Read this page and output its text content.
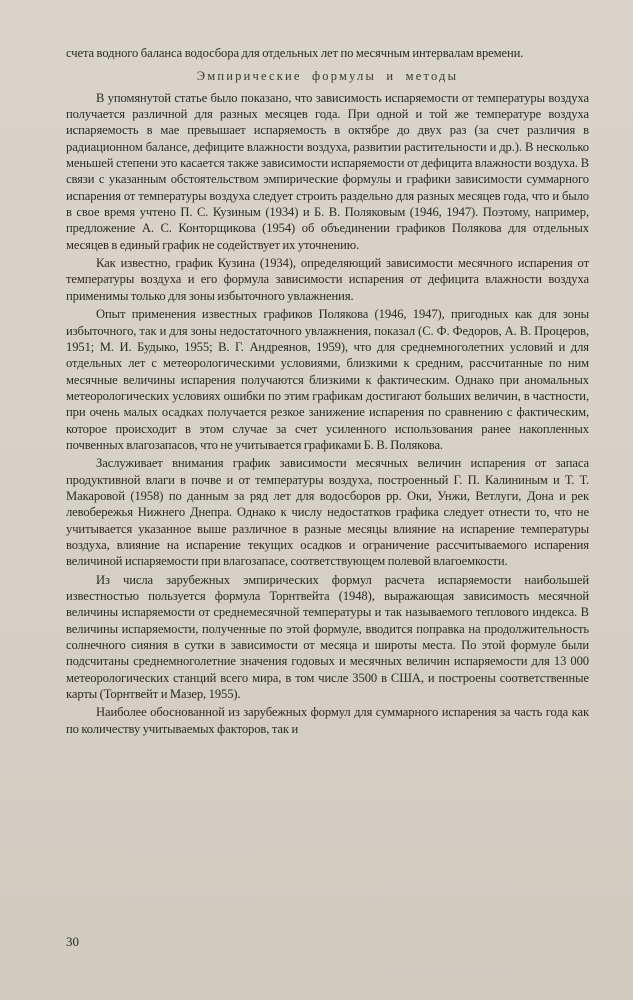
счета водного баланса водосбора для отдельных лет по месячным интервалам времени.

Эмпирические формулы и методы

В упомянутой статье было показано, что зависимость испаряемости от температуры воздуха получается различной для разных месяцев года. При одной и той же температуре воздуха испаряемость в мае превышает испаряемость в октябре до двух раз (за счет различия в радиационном балансе, дефиците влажности воздуха, развитии растительности и др.). В несколько меньшей степени это касается также зависимости испаряемости от дефицита влажности воздуха. В связи с указанным обстоятельством эмпирические формулы и графики зависимости суммарного испарения от температуры воздуха следует строить раздельно для разных месяцев года, что и было в свое время учтено П. С. Кузиным (1934) и Б. В. Поляковым (1946, 1947). Поэтому, например, предложение А. С. Конторщикова (1954) об объединении графиков Полякова для отдельных месяцев в единый график не содействует их уточнению.

Как известно, график Кузина (1934), определяющий зависимости месячного испарения от температуры воздуха и его формула зависимости испарения от дефицита влажности воздуха применимы только для зоны избыточного увлажнения.

Опыт применения известных графиков Полякова (1946, 1947), пригодных как для зоны избыточного, так и для зоны недостаточного увлажнения, показал (С. Ф. Федоров, А. В. Процеров, 1951; М. И. Будыко, 1955; В. Г. Андреянов, 1959), что для среднемноголетних условий и для отдельных лет с метеорологическими условиями, близкими к средним, рассчитанные по ним месячные величины испарения получаются близкими к фактическим. Однако при аномальных метеорологических условиях ошибки по этим графикам достигают больших величин, в частности, при очень малых осадках получается резкое занижение испарения по сравнению с фактическим, которое происходит в этом случае за счет усиленного использования ранее накопленных почвенных влагозапасов, что не учитывается графиками Б. В. Полякова.

Заслуживает внимания график зависимости месячных величин испарения от запаса продуктивной влаги в почве и от температуры воздуха, построенный Г. П. Калининым и Т. Т. Макаровой (1958) по данным за ряд лет для водосборов рр. Оки, Унжи, Ветлуги, Дона и рек левобережья Нижнего Днепра. Однако к числу недостатков графика следует отнести то, что не учитывается указанное выше различное в разные месяцы влияние на испарение температуры воздуха, влияние на испарение текущих осадков и ограничение рассчитываемого испарения величиной испаряемости при влагозапасе, соответствующем полевой влагоемкости.

Из числа зарубежных эмпирических формул расчета испаряемости наибольшей известностью пользуется формула Торнтвейта (1948), выражающая зависимость месячной величины испаряемости от среднемесячной температуры и так называемого теплового индекса. В величины испаряемости, полученные по этой формуле, вводится поправка на продолжительность солнечного сияния в сутки в зависимости от месяца и широты места. По этой формуле были подсчитаны среднемноголетние значения годовых и месячных величин испаряемости для 13 000 метеорологических станций всего мира, в том числе 3500 в США, и построены соответственные карты (Торнтвейт и Мазер, 1955).

Наиболее обоснованной из зарубежных формул для суммарного испарения за часть года как по количеству учитываемых факторов, так и

30
